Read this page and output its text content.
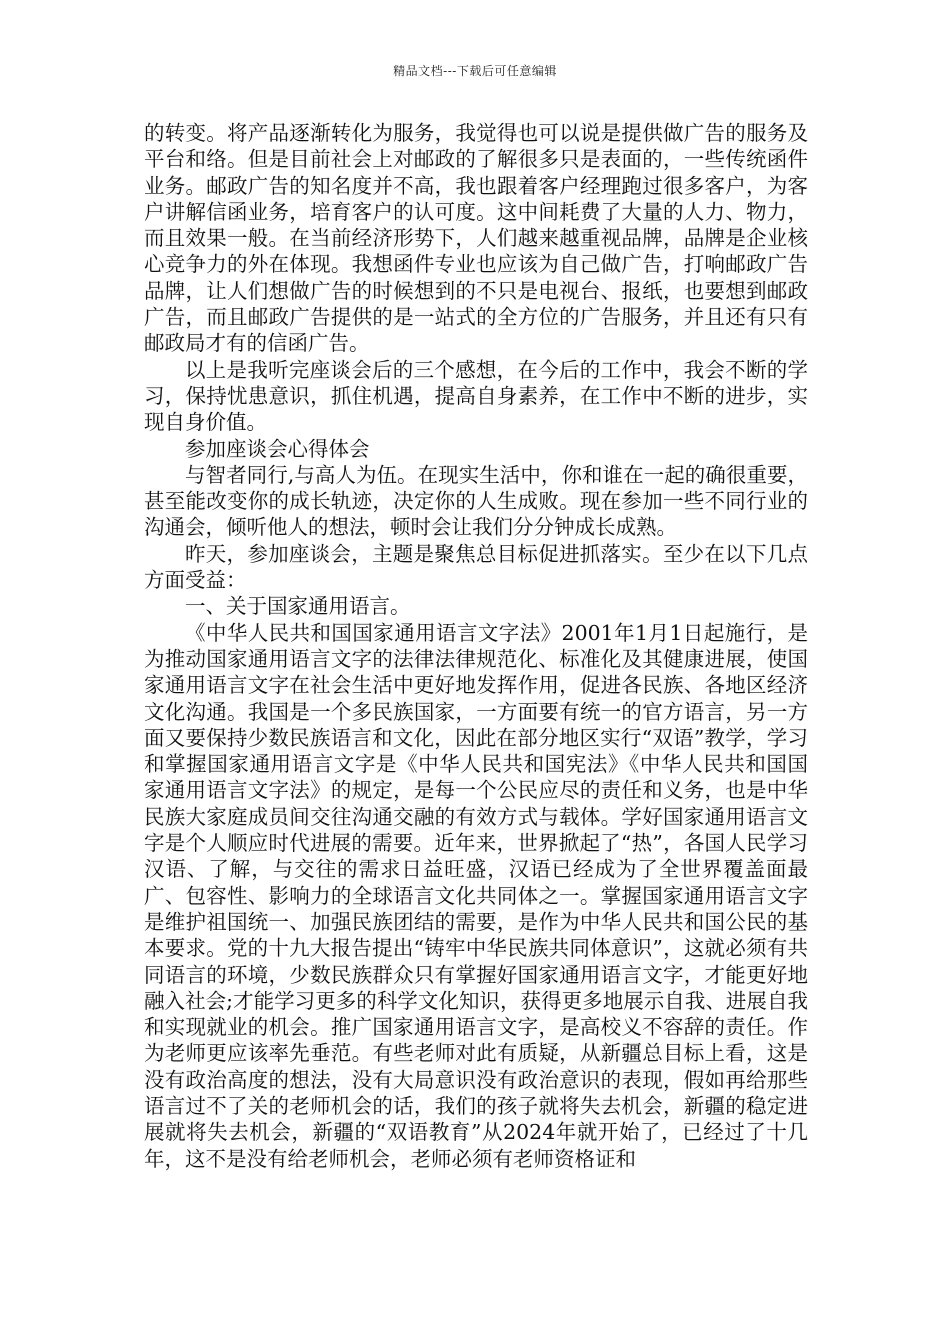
精品文档---下载后可任意编辑

的转变。将产品逐渐转化为服务，我觉得也可以说是提供做广告的服务及平台和络。但是目前社会上对邮政的了解很多只是表面的，一些传统函件业务。邮政广告的知名度并不高，我也跟着客户经理跑过很多客户，为客户讲解信函业务，培育客户的认可度。这中间耗费了大量的人力、物力，而且效果一般。在当前经济形势下，人们越来越重视品牌，品牌是企业核心竞争力的外在体现。我想函件专业也应该为自己做广告，打响邮政广告品牌，让人们想做广告的时候想到的不只是电视台、报纸，也要想到邮政广告，而且邮政广告提供的是一站式的全方位的广告服务，并且还有只有邮政局才有的信函广告。

以上是我听完座谈会后的三个感想，在今后的工作中，我会不断的学习，保持忧患意识，抓住机遇，提高自身素养，在工作中不断的进步，实现自身价值。

参加座谈会心得体会

与智者同行,与高人为伍。在现实生活中，你和谁在一起的确很重要，甚至能改变你的成长轨迹，决定你的人生成败。现在参加一些不同行业的沟通会，倾听他人的想法，顿时会让我们分分钟成长成熟。

昨天，参加座谈会，主题是聚焦总目标促进抓落实。至少在以下几点方面受益：

一、关于国家通用语言。

《中华人民共和国国家通用语言文字法》2001年1月1日起施行，是为推动国家通用语言文字的法律法律规范化、标准化及其健康进展，使国家通用语言文字在社会生活中更好地发挥作用，促进各民族、各地区经济文化沟通。我国是一个多民族国家，一方面要有统一的官方语言，另一方面又要保持少数民族语言和文化，因此在部分地区实行“双语”教学，学习和掌握国家通用语言文字是《中华人民共和国宪法》《中华人民共和国国家通用语言文字法》的规定，是每一个公民应尽的责任和义务，也是中华民族大家庭成员间交往沟通交融的有效方式与载体。学好国家通用语言文字是个人顺应时代进展的需要。近年来，世界掀起了“热”，各国人民学习汉语、了解，与交往的需求日益旺盛，汉语已经成为了全世界覆盖面最广、包容性、影响力的全球语言文化共同体之一。掌握国家通用语言文字是维护祖国统一、加强民族团结的需要，是作为中华人民共和国公民的基本要求。党的十九大报告提出“铸牢中华民族共同体意识”，这就必须有共同语言的环境，少数民族群众只有掌握好国家通用语言文字，才能更好地融入社会;才能学习更多的科学文化知识，获得更多地展示自我、进展自我和实现就业的机会。推广国家通用语言文字，是高校义不容辞的责任。作为老师更应该率先垂范。有些老师对此有质疑，从新疆总目标上看，这是没有政治高度的想法，没有大局意识没有政治意识的表现，假如再给那些语言过不了关的老师机会的话，我们的孩子就将失去机会，新疆的稳定进展就将失去机会，新疆的“双语教育”从2024年就开始了，已经过了十几年，这不是没有给老师机会，老师必须有老师资格证和
